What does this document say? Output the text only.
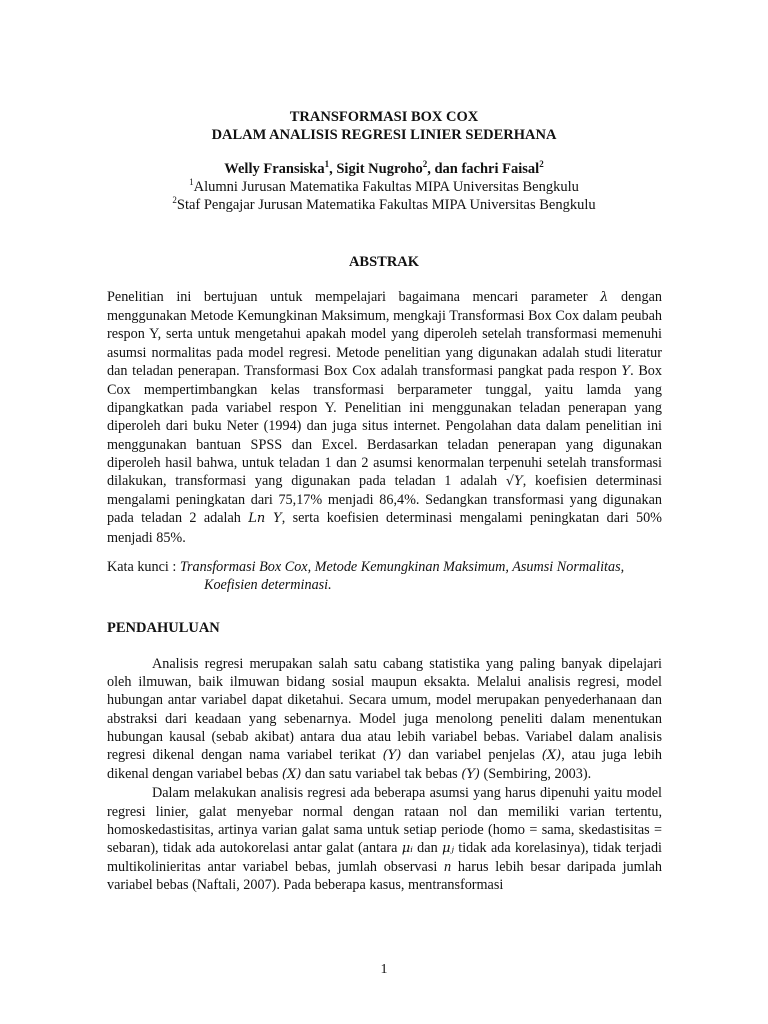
TRANSFORMASI BOX COX
DALAM ANALISIS REGRESI LINIER SEDERHANA
Welly Fransiska$^1$, Sigit Nugroho$^2$, dan fachri Faisal$^2$
$^1$Alumni Jurusan Matematika Fakultas MIPA Universitas Bengkulu
$^2$Staf Pengajar Jurusan Matematika Fakultas MIPA Universitas Bengkulu
ABSTRAK
Penelitian ini bertujuan untuk mempelajari bagaimana mencari parameter λ dengan menggunakan Metode Kemungkinan Maksimum, mengkaji Transformasi Box Cox dalam peubah respon Y, serta untuk mengetahui apakah model yang diperoleh setelah transformasi memenuhi asumsi normalitas pada model regresi. Metode penelitian yang digunakan adalah studi literatur dan teladan penerapan. Transformasi Box Cox adalah transformasi pangkat pada respon Y. Box Cox mempertimbangkan kelas transformasi berparameter tunggal, yaitu lamda yang dipangkatkan pada variabel respon Y. Penelitian ini menggunakan teladan penerapan yang diperoleh dari buku Neter (1994) dan juga situs internet. Pengolahan data dalam penelitian ini menggunakan bantuan SPSS dan Excel. Berdasarkan teladan penerapan yang digunakan diperoleh hasil bahwa, untuk teladan 1 dan 2 asumsi kenormalan terpenuhi setelah transformasi dilakukan, transformasi yang digunakan pada teladan 1 adalah √Y, koefisien determinasi mengalami peningkatan dari 75,17% menjadi 86,4%. Sedangkan transformasi yang digunakan pada teladan 2 adalah Ln Y, serta koefisien determinasi mengalami peningkatan dari 50% menjadi 85%.
Kata kunci : Transformasi Box Cox, Metode Kemungkinan Maksimum, Asumsi Normalitas,
Koefisien determinasi.
PENDAHULUAN

Analisis regresi merupakan salah satu cabang statistika yang paling banyak dipelajari oleh ilmuwan, baik ilmuwan bidang sosial maupun eksakta. Melalui analisis regresi, model hubungan antar variabel dapat diketahui. Secara umum, model merupakan penyederhanaan dan abstraksi dari keadaan yang sebenarnya. Model juga menolong peneliti dalam menentukan hubungan kausal (sebab akibat) antara dua atau lebih variabel bebas. Variabel dalam analisis regresi dikenal dengan nama variabel terikat (Y) dan variabel penjelas (X), atau juga lebih dikenal dengan variabel bebas (X) dan satu variabel tak bebas (Y) (Sembiring, 2003).

Dalam melakukan analisis regresi ada beberapa asumsi yang harus dipenuhi yaitu model regresi linier, galat menyebar normal dengan rataan nol dan memiliki varian tertentu, homoskedastisitas, artinya varian galat sama untuk setiap periode (homo = sama, skedastisitas = sebaran), tidak ada autokorelasi antar galat (antara μᵢ dan μⱼ tidak ada korelasinya), tidak terjadi multikolinieritas antar variabel bebas, jumlah observasi n harus lebih besar daripada jumlah variabel bebas (Naftali, 2007). Pada beberapa kasus, mentransformasi

1
